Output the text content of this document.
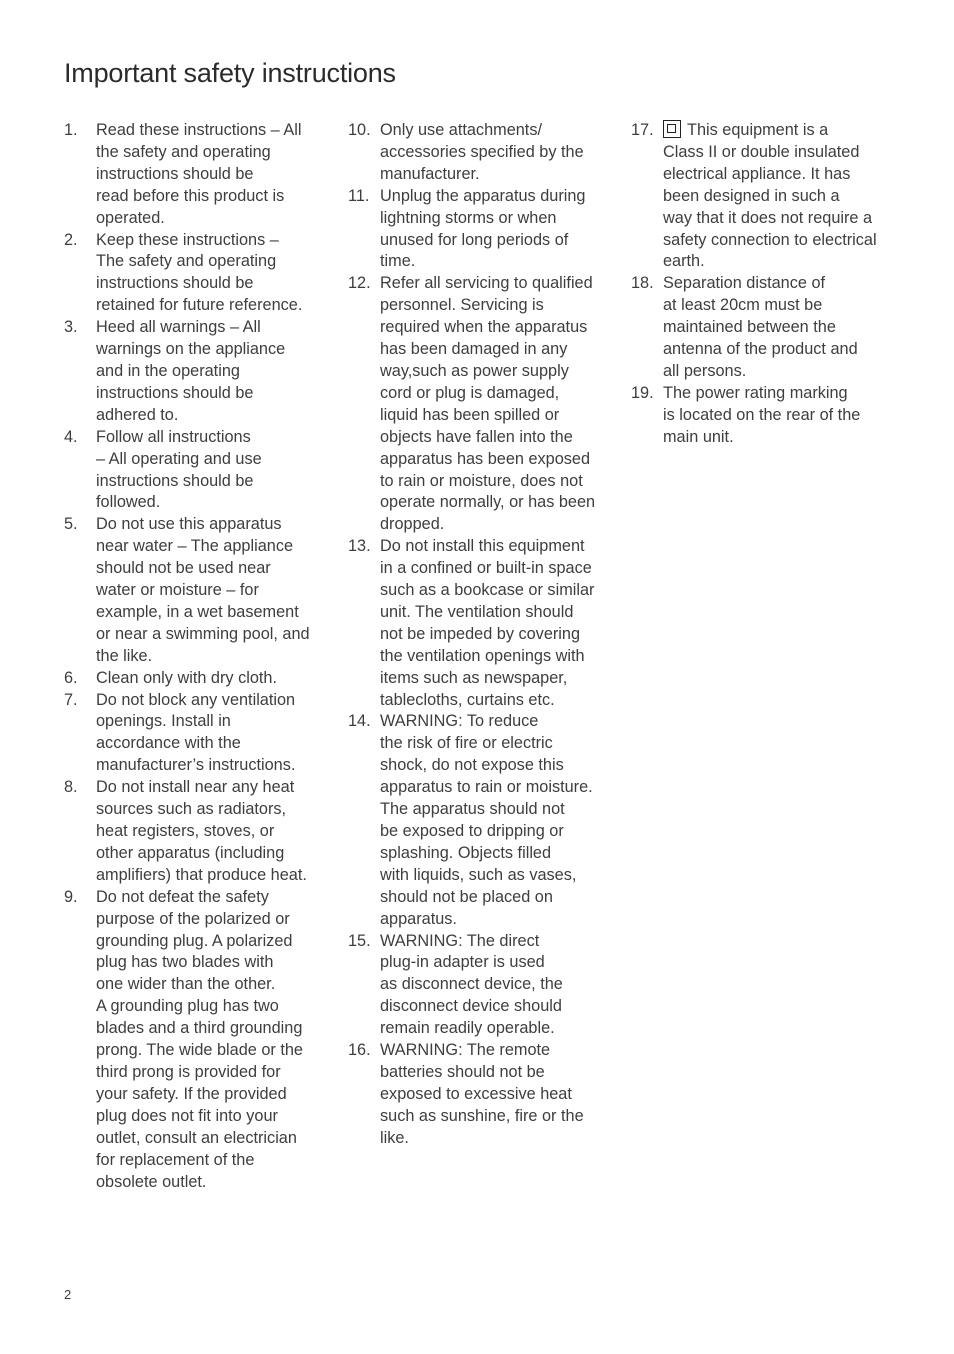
Important safety instructions
1. Read these instructions – All
the safety and operating
instructions should be
read before this product is
operated.

2. Keep these instructions –
The safety and operating
instructions should be
retained for future reference.

3. Heed all warnings – All
warnings on the appliance
and in the operating
instructions should be
adhered to.

4. Follow all instructions
– All operating and use
instructions should be
followed.

5. Do not use this apparatus
near water – The appliance
should not be used near
water or moisture – for
example, in a wet basement
or near a swimming pool, and
the like.

6. Clean only with dry cloth.

7. Do not block any ventilation
openings. Install in
accordance with the
manufacturer’s instructions.

8. Do not install near any heat
sources such as radiators,
heat registers, stoves, or
other apparatus (including
amplifiers) that produce heat.

9. Do not defeat the safety
purpose of the polarized or
grounding plug. A polarized
plug has two blades with
one wider than the other.
A grounding plug has two
blades and a third grounding
prong. The wide blade or the
third prong is provided for
your safety. If the provided
plug does not fit into your
outlet, consult an electrician
for replacement of the
obsolete outlet.

10. Only use attachments/
accessories specified by the
manufacturer.

11. Unplug the apparatus during
lightning storms or when
unused for long periods of
time.

12. Refer all servicing to qualified
personnel. Servicing is
required when the apparatus
has been damaged in any
way,such as power supply
cord or plug is damaged,
liquid has been spilled or
objects have fallen into the
apparatus has been exposed
to rain or moisture, does not
operate normally, or has been
dropped.

13. Do not install this equipment
in a confined or built-in space
such as a bookcase or similar
unit. The ventilation should
not be impeded by covering
the ventilation openings with
items such as newspaper,
tablecloths, curtains etc.

14. WARNING: To reduce
the risk of fire or electric
shock, do not expose this
apparatus to rain or moisture.
The apparatus should not
be exposed to dripping or
splashing. Objects filled
with liquids, such as vases,
should not be placed on
apparatus.

15. WARNING: The direct
plug-in adapter is used
as disconnect device, the
disconnect device should
remain readily operable.

16. WARNING: The remote
batteries should not be
exposed to excessive heat
such as sunshine, fire or the
like.

17.	This equipment is a
Class II or double insulated
electrical appliance. It has
been designed in such a
way that it does not require a
safety connection to electrical
earth.

18. Separation distance of
at least 20cm must be
maintained between the
antenna of the product and
all persons.

19. The power rating marking
is located on the rear of the
main unit.

2
